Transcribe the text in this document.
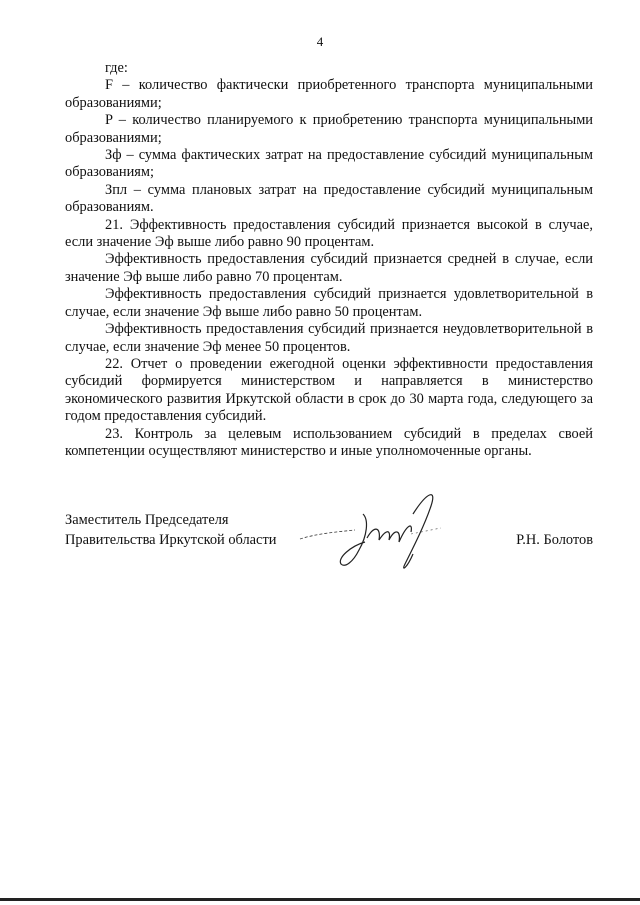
4

где:

F – количество фактически приобретенного транспорта муниципальными образованиями;

P – количество планируемого к приобретению транспорта муниципальными образованиями;

Зф – сумма фактических затрат на предоставление субсидий муниципальным образованиям;

Зпл – сумма плановых затрат на предоставление субсидий муниципальным образованиям.

21. Эффективность предоставления субсидий признается высокой в случае, если значение Эф выше либо равно 90 процентам.

Эффективность предоставления субсидий признается средней в случае, если значение Эф выше либо равно 70 процентам.

Эффективность предоставления субсидий признается удовлетворительной в случае, если значение Эф выше либо равно 50 процентам.

Эффективность предоставления субсидий признается неудовлетворительной в случае, если значение Эф менее 50 процентов.

22. Отчет о проведении ежегодной оценки эффективности предоставления субсидий формируется министерством и направляется в министерство экономического развития Иркутской области в срок до 30 марта года, следующего за годом предоставления субсидий.

23. Контроль за целевым использованием субсидий в пределах своей компетенции осуществляют министерство и иные уполномоченные органы.

Заместитель Председателя
Правительства Иркутской области	Р.Н. Болотов
